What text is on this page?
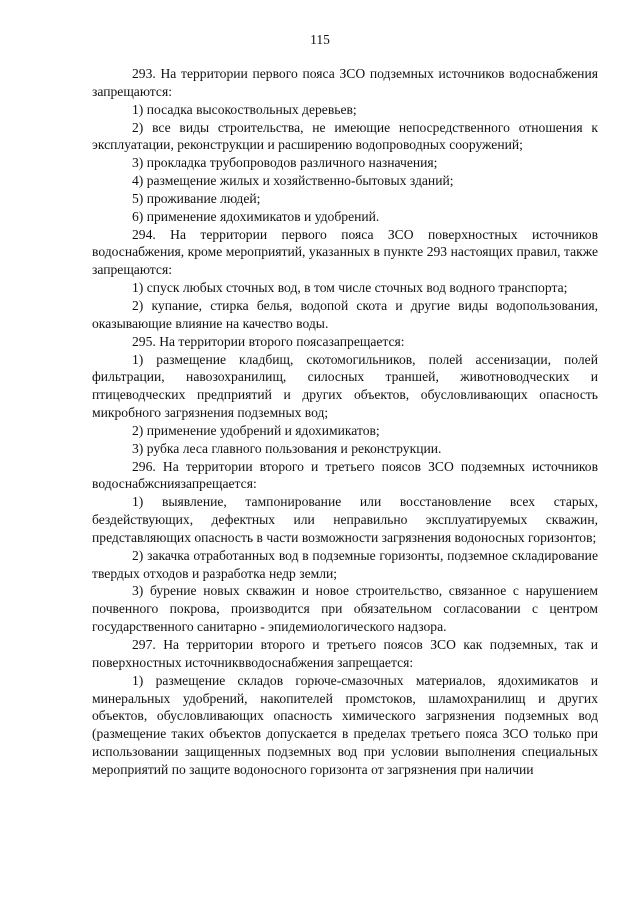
115

293. На территории первого пояса ЗСО подземных источников водоснабжения запрещаются:

1) посадка высокоствольных деревьев;

2) все виды строительства, не имеющие непосредственного отношения к эксплуатации, реконструкции и расширению водопроводных сооружений;

3) прокладка трубопроводов различного назначения;

4) размещение жилых и хозяйственно-бытовых зданий;

5) проживание людей;

6) применение ядохимикатов и удобрений.

294. На территории первого пояса ЗСО поверхностных источников водоснабжения, кроме мероприятий, указанных в пункте 293 настоящих правил, также запрещаются:

1) спуск любых сточных вод, в том числе сточных вод водного транспорта;

2) купание, стирка белья, водопой скота и другие виды водопользования, оказывающие влияние на качество воды.

295. На территории второго поясазапрещается:

1) размещение кладбищ, скотомогильников, полей ассенизации, полей фильтрации, навозохранилищ, силосных траншей, животноводческих и птицеводческих предприятий и других объектов, обусловливающих опасность микробного загрязнения подземных вод;

2) применение удобрений и ядохимикатов;

3) рубка леса главного пользования и реконструкции.

296. На территории второго и третьего поясов ЗСО подземных источников водоснабжсниязапрещается:

1) выявление, тампонирование или восстановление всех старых, бездействующих, дефектных или неправильно эксплуатируемых скважин, представляющих опасность в части возможности загрязнения водоносных горизонтов;

2) закачка отработанных вод в подземные горизонты, подземное складирование твердых отходов и разработка недр земли;

3) бурение новых скважин и новое строительство, связанное с нарушением почвенного покрова, производится при обязательном согласовании с центром государственного санитарно - эпидемиологического надзора.

297. На территории второго и третьего поясов ЗСО как подземных, так и поверхностных источниквводоснабжения запрещается:

1) размещение складов горюче-смазочных материалов, ядохимикатов и минеральных удобрений, накопителей промстоков, шламохранилищ и других объектов, обусловливающих опасность химического загрязнения подземных вод (размещение таких объектов допускается в пределах третьего пояса ЗСО только при использовании защищенных подземных вод при условии выполнения специальных мероприятий по защите водоносного горизонта от загрязнения при наличии
